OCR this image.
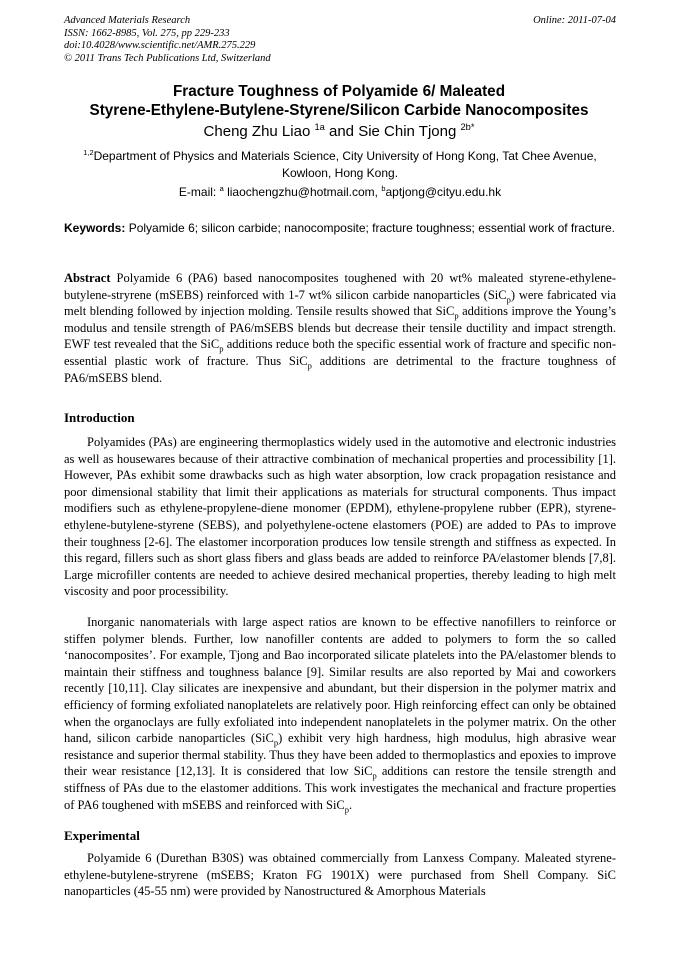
Advanced Materials Research
ISSN: 1662-8985, Vol. 275, pp 229-233
doi:10.4028/www.scientific.net/AMR.275.229
© 2011 Trans Tech Publications Ltd, Switzerland
Online: 2011-07-04
Fracture Toughness of Polyamide 6/ Maleated
Styrene-Ethylene-Butylene-Styrene/Silicon Carbide Nanocomposites
Cheng Zhu Liao $^{1a}$ and Sie Chin Tjong $^{2b*}$
$^{1,2}$Department of Physics and Materials Science, City University of Hong Kong, Tat Chee Avenue,
Kowloon, Hong Kong.
E-mail: $^a$ liaochengzhu@hotmail.com, $^b$aptjong@cityu.edu.hk
Keywords: Polyamide 6; silicon carbide; nanocomposite; fracture toughness; essential work of fracture.
Abstract Polyamide 6 (PA6) based nanocomposites toughened with 20 wt% maleated styrene-ethylene-butylene-stryrene (mSEBS) reinforced with 1-7 wt% silicon carbide nanoparticles (SiC$_p$) were fabricated via melt blending followed by injection molding. Tensile results showed that SiC$_p$ additions improve the Young’s modulus and tensile strength of PA6/mSEBS blends but decrease their tensile ductility and impact strength. EWF test revealed that the SiC$_p$ additions reduce both the specific essential work of fracture and specific non-essential plastic work of fracture. Thus SiC$_p$ additions are detrimental to the fracture toughness of PA6/mSEBS blend.
Introduction
Polyamides (PAs) are engineering thermoplastics widely used in the automotive and electronic industries as well as housewares because of their attractive combination of mechanical properties and processibility [1]. However, PAs exhibit some drawbacks such as high water absorption, low crack propagation resistance and poor dimensional stability that limit their applications as materials for structural components. Thus impact modifiers such as ethylene-propylene-diene monomer (EPDM), ethylene-propylene rubber (EPR), styrene-ethylene-butylene-styrene (SEBS), and polyethylene-octene elastomers (POE) are added to PAs to improve their toughness [2-6]. The elastomer incorporation produces low tensile strength and stiffness as expected. In this regard, fillers such as short glass fibers and glass beads are added to reinforce PA/elastomer blends [7,8]. Large microfiller contents are needed to achieve desired mechanical properties, thereby leading to high melt viscosity and poor processibility.
Inorganic nanomaterials with large aspect ratios are known to be effective nanofillers to reinforce or stiffen polymer blends. Further, low nanofiller contents are added to polymers to form the so called ‘nanocomposites’. For example, Tjong and Bao incorporated silicate platelets into the PA/elastomer blends to maintain their stiffness and toughness balance [9]. Similar results are also reported by Mai and coworkers recently [10,11]. Clay silicates are inexpensive and abundant, but their dispersion in the polymer matrix and efficiency of forming exfoliated nanoplatelets are relatively poor. High reinforcing effect can only be obtained when the organoclays are fully exfoliated into independent nanoplatelets in the polymer matrix. On the other hand, silicon carbide nanoparticles (SiC$_p$) exhibit very high hardness, high modulus, high abrasive wear resistance and superior thermal stability. Thus they have been added to thermoplastics and epoxies to improve their wear resistance [12,13]. It is considered that low SiC$_p$ additions can restore the tensile strength and stiffness of PAs due to the elastomer additions. This work investigates the mechanical and fracture properties of PA6 toughened with mSEBS and reinforced with SiC$_p$.
Experimental
Polyamide 6 (Durethan B30S) was obtained commercially from Lanxess Company. Maleated styrene-ethylene-butylene-stryrene (mSEBS; Kraton FG 1901X) were purchased from Shell Company. SiC nanoparticles (45-55 nm) were provided by Nanostructured & Amorphous Materials
